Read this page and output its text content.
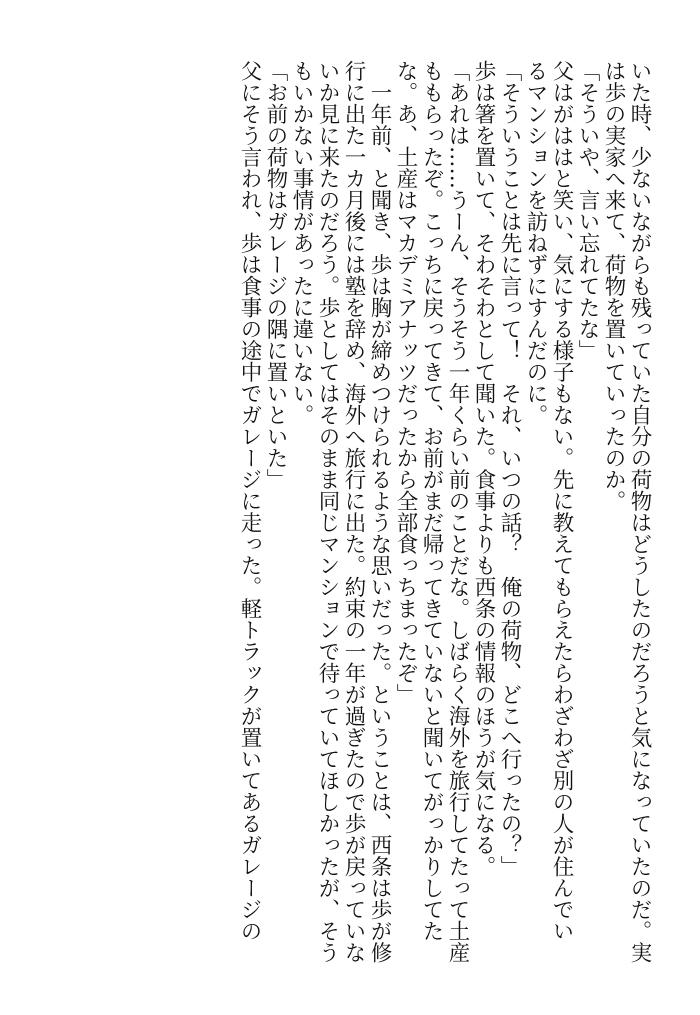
いた時、少ないながらも残っていた自分の荷物はどうしたのだろうと気になっていたのだ。実
は歩の実家へ来て、荷物を置いていったのか。
「そういや、言い忘れてたな」
父はがははと笑い、気にする様子もない。先に教えてもらえたらわざわざ別の人が住んでい
るマンションを訪ねずにすんだのに。
「そういうことは先に言って！　それ、いつの話？　俺の荷物、どこへ行ったの？」
歩は箸を置いて、そわそわとして聞いた。食事よりも西条の情報のほうが気になる。
「あれは……うーん、そうそう一年くらい前のことだな。しばらく海外を旅行してたって土産
ももらったぞ。こっちに戻ってきて、お前がまだ帰ってきていないと聞いてがっかりしてた
な。あ、土産はマカデミアナッツだったから全部食っちまったぞ」
　一年前、と聞き、歩は胸が締めつけられるような思いだった。ということは、西条は歩が修
行に出た一カ月後には塾を辞め、海外へ旅行に出た。約束の一年が過ぎたので歩が戻っていな
いか見に来たのだろう。歩としてはそのまま同じマンションで待っていてほしかったが、そう
もいかない事情があったに違いない。
「お前の荷物はガレージの隅に置いといた」
父にそう言われ、歩は食事の途中でガレージに走った。軽トラックが置いてあるガレージの
